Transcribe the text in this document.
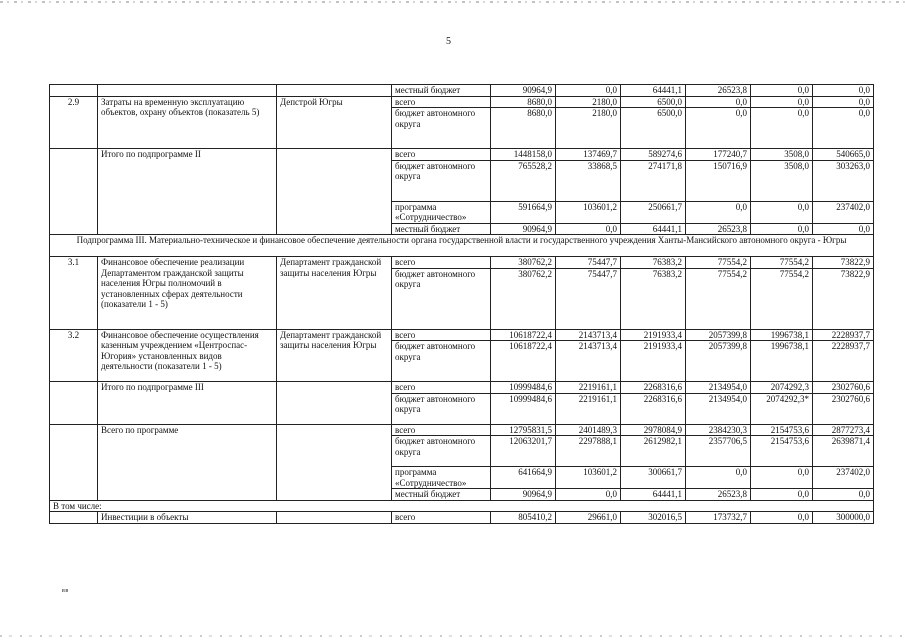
5
			местный бюджет	90964,9	0,0	64441,1	26523,8	0,0	0,0
2.9	Затраты на временную эксплуатацию объектов, охрану объектов (показатель 5)	Депстрой Югры	всего	8680,0	2180,0	6500,0	0,0	0,0	0,0
			бюджет автономного округа	8680,0	2180,0	6500,0	0,0	0,0	0,0
	Итого по подпрограмме II		всего	1448158,0	137469,7	589274,6	177240,7	3508,0	540665,0
			бюджет автономного округа	765528,2	33868,5	274171,8	150716,9	3508,0	303263,0
			программа «Сотрудничество»	591664,9	103601,2	250661,7	0,0	0,0	237402,0
			местный бюджет	90964,9	0,0	64441,1	26523,8	0,0	0,0
Подпрограмма III. Материально-техническое и финансовое обеспечение деятельности органа государственной власти и государственного учреждения Ханты-Мансийского автономного округа - Югры									
3.1	Финансовое обеспечение реализации Департаментом гражданской защиты населения Югры полномочий в установленных сферах деятельности (показатели 1 - 5)	Департамент гражданской защиты населения Югры	всего	380762,2	75447,7	76383,2	77554,2	77554,2	73822,9
			бюджет автономного округа	380762,2	75447,7	76383,2	77554,2	77554,2	73822,9
3.2	Финансовое обеспечение осуществления казенным учреждением «Центроспас-Югория» установленных видов деятельности (показатели 1 - 5)	Департамент гражданской защиты населения Югры	всего	10618722,4	2143713,4	2191933,4	2057399,8	1996738,1	2228937,7
			бюджет автономного округа	10618722,4	2143713,4	2191933,4	2057399,8	1996738,1	2228937,7
	Итого по подпрограмме III		всего	10999484,6	2219161,1	2268316,6	2134954,0	2074292,3	2302760,6
			бюджет автономного округа	10999484,6	2219161,1	2268316,6	2134954,0	2074292,3*	2302760,6
	Всего по программе		всего	12795831,5	2401489,3	2978084,9	2384230,3	2154753,6	2877273,4
			бюджет автономного округа	12063201,7	2297888,1	2612982,1	2357706,5	2154753,6	2639871,4
			программа «Сотрудничество»	641664,9	103601,2	300661,7	0,0	0,0	237402,0
			местный бюджет	90964,9	0,0	64441,1	26523,8	0,0	0,0
В том числе:									
	Инвестиции в объекты		всего	805410,2	29661,0	302016,5	173732,7	0,0	300000,0
вв
